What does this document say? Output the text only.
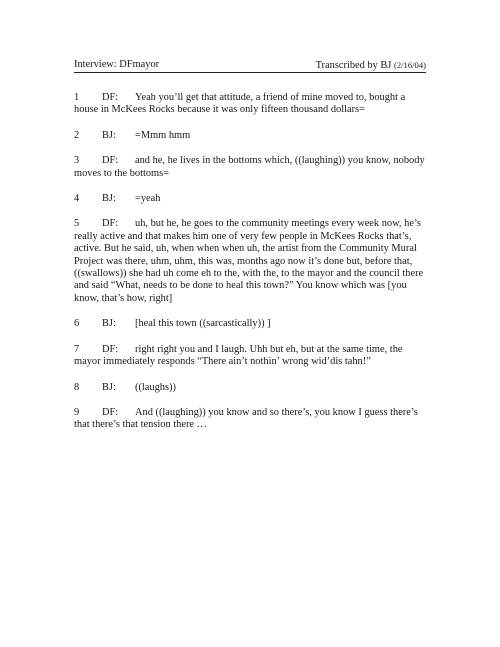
Interview: DFmayor	Transcribed by BJ (2/16/04)
1 DF: Yeah you’ll get that attitude, a friend of mine moved to, bought a house in McKees Rocks because it was only fifteen thousand dollars=
2 BJ: =Mmm hmm
3 DF: and he, he lives in the bottoms which, ((laughing)) you know, nobody moves to the bottoms=
4 BJ: =yeah
5 DF: uh, but he, he goes to the community meetings every week now, he’s really active and that makes him one of very few people in McKees Rocks that’s, active. But he said, uh, when when when uh, the artist from the Community Mural Project was there, uhm, uhm, this was, months ago now it’s done but, before that, ((swallows)) she had uh come eh to the, with the, to the mayor and the council there and said “What, needs to be done to heal this town?” You know which was [you know, that’s how, right]
6 BJ: [heal this town ((sarcastically)) ]
7 DF: right right you and I laugh. Uhh but eh, but at the same time, the mayor immediately responds “There ain’t nothin’ wrong wid’dis tahn!”
8 BJ: ((laughs))
9 DF: And ((laughing)) you know and so there’s, you know I guess there’s that there’s that tension there …
